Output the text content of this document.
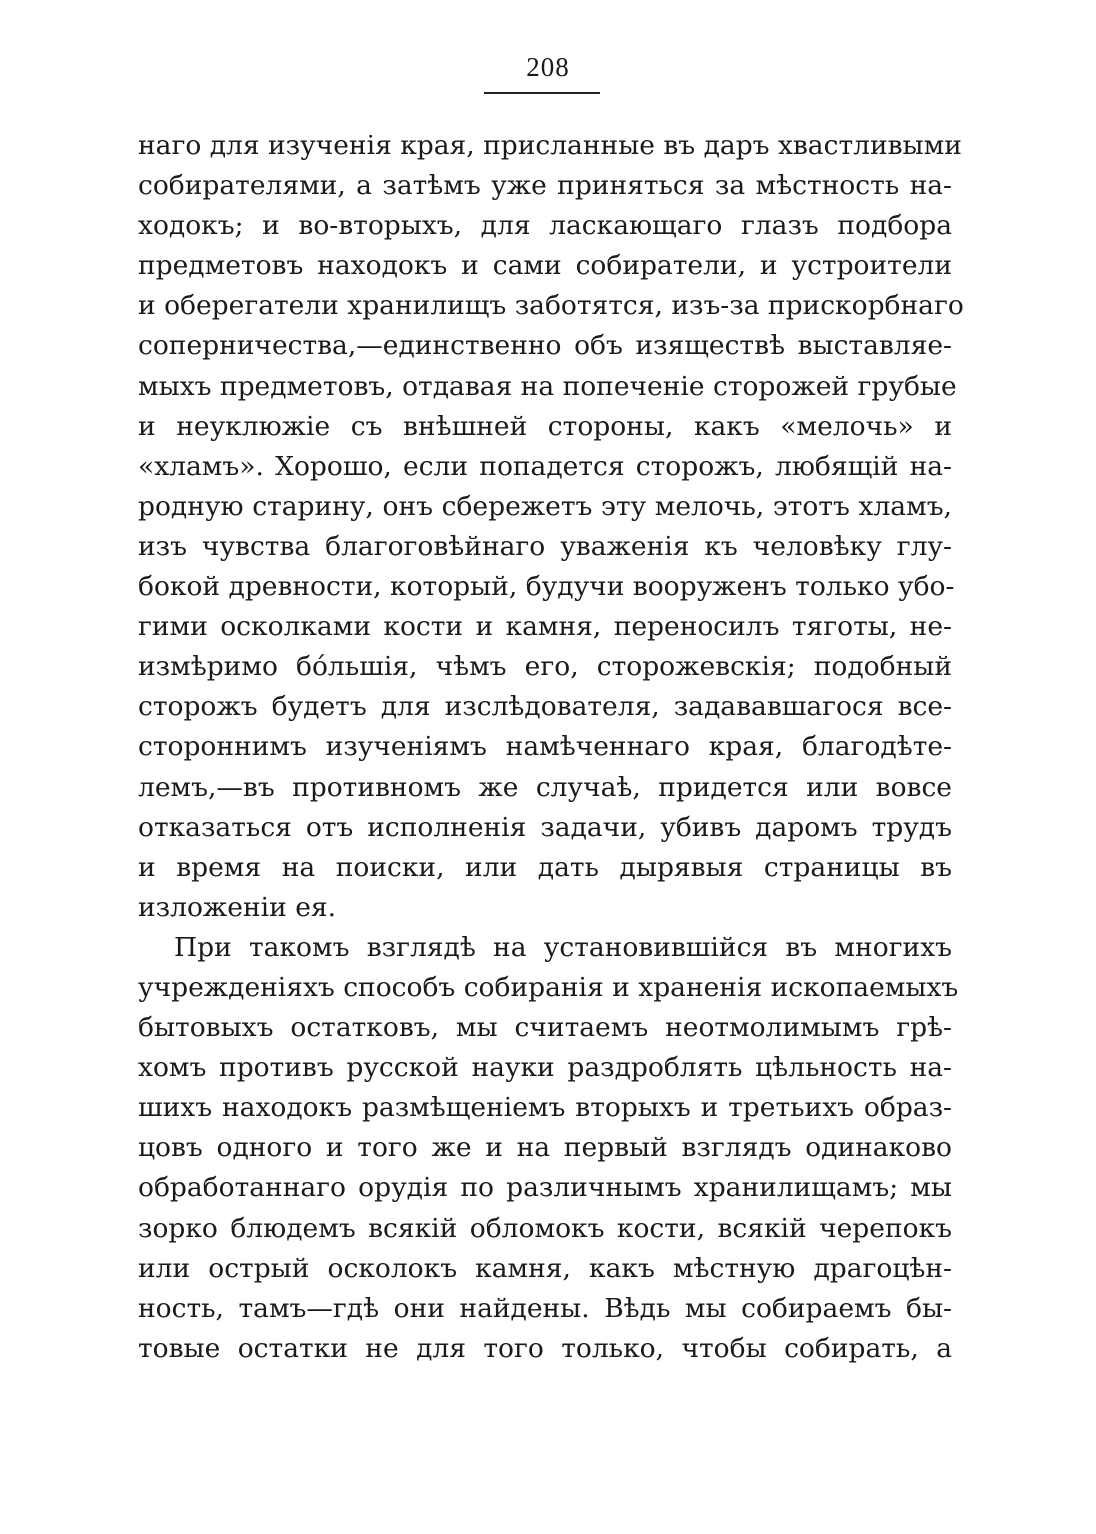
208
наго для изученія края, присланные въ даръ хвастливыми
собирателями, а затѣмъ уже приняться за мѣстность на-
ходокъ; и во-вторыхъ, для ласкающаго глазъ подбора
предметовъ находокъ и сами собиратели, и устроители
и оберегатели хранилищъ заботятся, изъ-за прискорбнаго
соперничества,—единственно объ изяществѣ выставляе-
мыхъ предметовъ, отдавая на попеченіе сторожей грубые
и неуклюжіе съ внѣшней стороны, какъ «мелочь» и
«хламъ». Хорошо, если попадется сторожъ, любящій на-
родную старину, онъ сбережетъ эту мелочь, этотъ хламъ,
изъ чувства благоговѣйнаго уваженія къ человѣку глу-
бокой древности, который, будучи вооруженъ только убо-
гими осколками кости и камня, переносилъ тяготы, не-
измѣримо бо́льшія, чѣмъ его, сторожевскія; подобный
сторожъ будетъ для изслѣдователя, задававшагося все-
стороннимъ изученіямъ намѣченнаго края, благодѣте-
лемъ,—въ противномъ же случаѣ, придется или вовсе
отказаться отъ исполненія задачи, убивъ даромъ трудъ
и время на поиски, или дать дырявыя страницы въ
изложеніи ея.
При такомъ взглядѣ на установившійся въ многихъ
учрежденіяхъ способъ собиранія и храненія ископаемыхъ
бытовыхъ остатковъ, мы считаемъ неотмолимымъ грѣ-
хомъ противъ русской науки раздроблять цѣльность на-
шихъ находокъ размѣщеніемъ вторыхъ и третьихъ образ-
цовъ одного и того же и на первый взглядъ одинаково
обработаннаго орудія по различнымъ хранилищамъ; мы
зорко блюдемъ всякій обломокъ кости, всякій черепокъ
или острый осколокъ камня, какъ мѣстную драгоцѣн-
ность, тамъ—гдѣ они найдены. Вѣдь мы собираемъ бы-
товые остатки не для того только, чтобы собирать, а
